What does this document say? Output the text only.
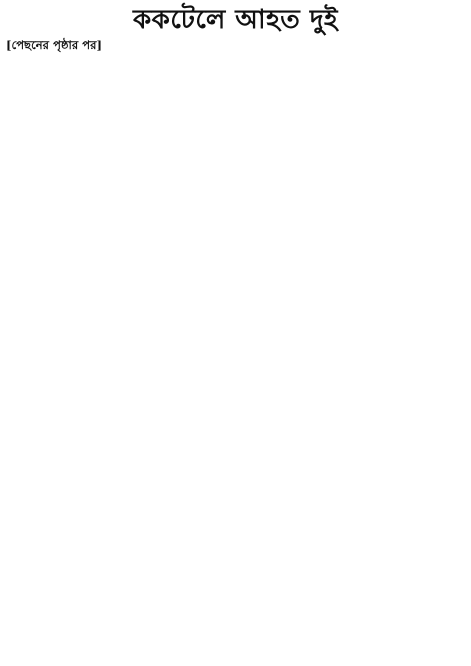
ককটেলে আহত দুই
[পেছনের পৃষ্ঠার পর]
